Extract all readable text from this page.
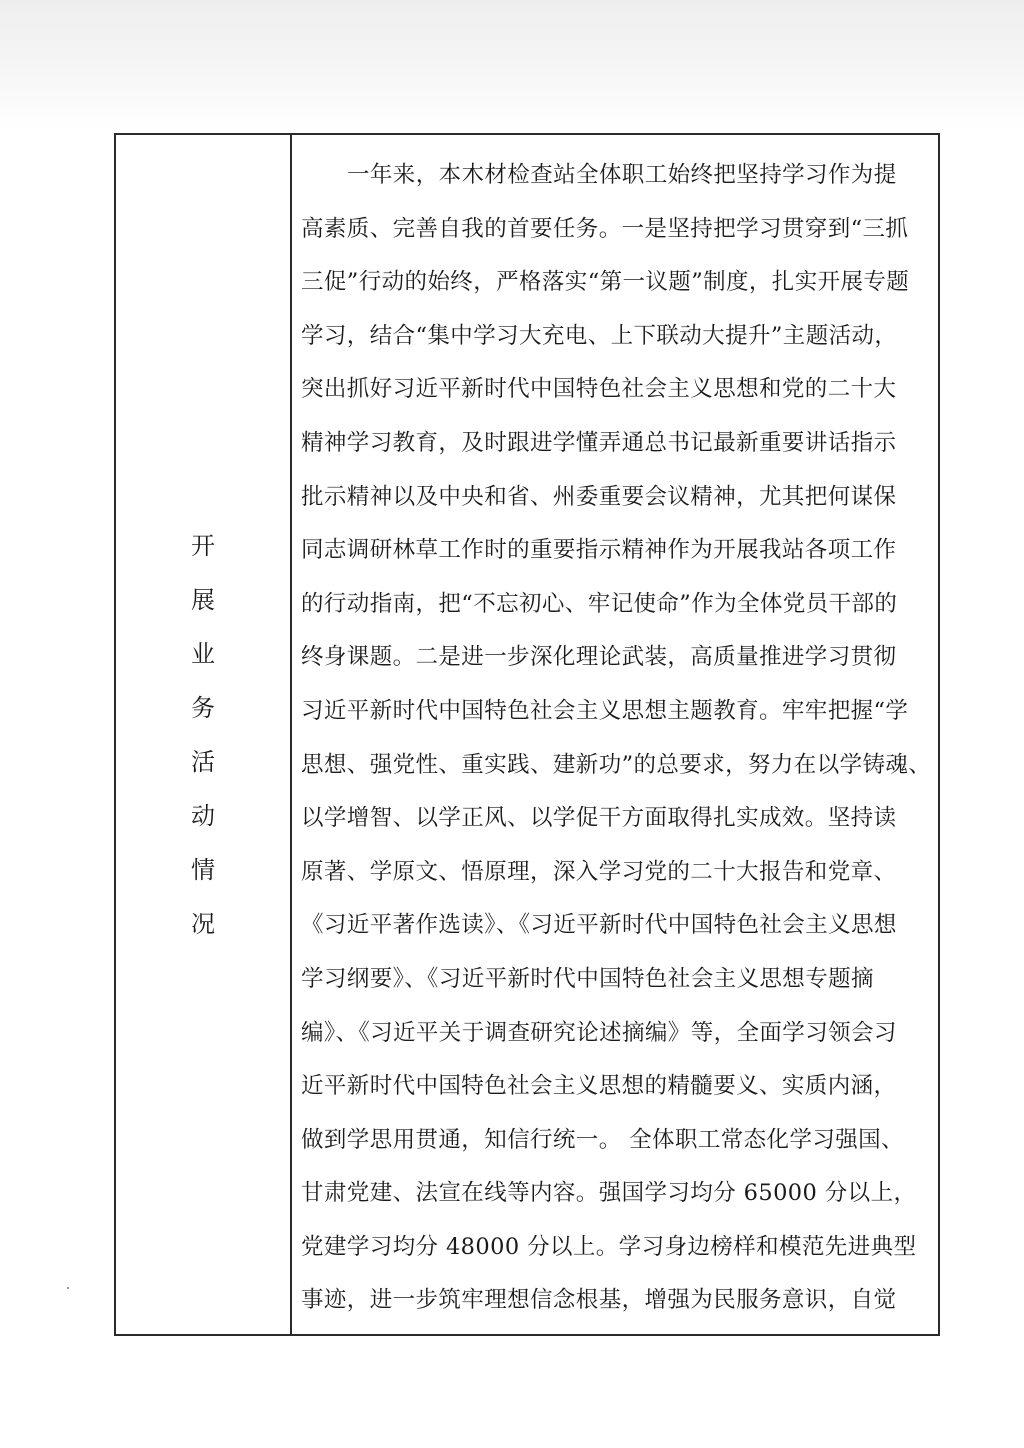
开
展
业
务
活
动
情
况
一年来，本木材检查站全体职工始终把坚持学习作为提
高素质、完善自我的首要任务。一是坚持把学习贯穿到“三抓
三促”行动的始终，严格落实“第一议题”制度，扎实开展专题
学习，结合“集中学习大充电、上下联动大提升”主题活动，
突出抓好习近平新时代中国特色社会主义思想和党的二十大
精神学习教育，及时跟进学懂弄通总书记最新重要讲话指示
批示精神以及中央和省、州委重要会议精神，尤其把何谋保
同志调研林草工作时的重要指示精神作为开展我站各项工作
的行动指南，把“不忘初心、牢记使命”作为全体党员干部的
终身课题。二是进一步深化理论武装，高质量推进学习贯彻
习近平新时代中国特色社会主义思想主题教育。牢牢把握“学
思想、强党性、重实践、建新功”的总要求，努力在以学铸魂、
以学增智、以学正风、以学促干方面取得扎实成效。坚持读
原著、学原文、悟原理，深入学习党的二十大报告和党章、
《习近平著作选读》、《习近平新时代中国特色社会主义思想
学习纲要》、《习近平新时代中国特色社会主义思想专题摘
编》、《习近平关于调查研究论述摘编》等，全面学习领会习
近平新时代中国特色社会主义思想的精髓要义、实质内涵，
做到学思用贯通，知信行统一。 全体职工常态化学习强国、
甘肃党建、法宣在线等内容。强国学习均分 65000 分以上，
党建学习均分 48000 分以上。学习身边榜样和模范先进典型
事迹，进一步筑牢理想信念根基，增强为民服务意识，自觉
